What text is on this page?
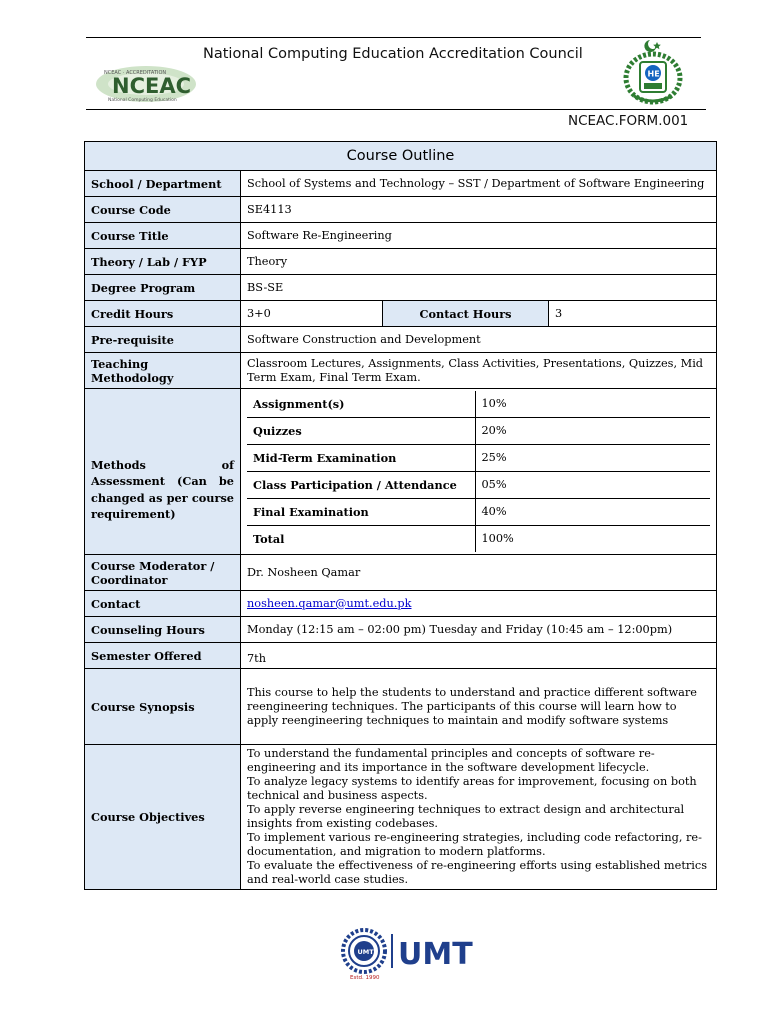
NCEAC · ACCREDITATION
NCEAC
National Computing Education
National Computing Education Accreditation Council
HE
NCEAC.FORM.001
Course Outline
School / Department	School of Systems and Technology – SST / Department of Software Engineering
Course Code	SE4113
Course Title	Software Re-Engineering
Theory / Lab / FYP	Theory
Degree Program	BS-SE
Credit Hours	3+0	Contact Hours	3
Pre-requisite	Software Construction and Development
Teaching Methodology	Classroom Lectures, Assignments, Class Activities, Presentations, Quizzes, Mid Term Exam, Final Term Exam.
Methods of Assessment (Can be changed as per course requirement)	
Assignment(s)	10%
Quizzes	20%
Mid-Term Examination	25%
Class Participation / Attendance	05%
Final Examination	40%
Total	100%

Course Moderator / Coordinator	Dr. Nosheen Qamar
Contact	nosheen.qamar@umt.edu.pk
Counseling Hours	Monday (12:15 am – 02:00 pm) Tuesday and Friday (10:45 am – 12:00pm)
Semester Offered	7th
Course Synopsis	This course to help the students to understand and practice different software reengineering techniques. The participants of this course will learn how to apply reengineering techniques to maintain and modify software systems
Course Objectives	
To understand the fundamental principles and concepts of software re-engineering and its importance in the software development lifecycle.
To analyze legacy systems to identify areas for improvement, focusing on both technical and business aspects.
To apply reverse engineering techniques to extract design and architectural insights from existing codebases.
To implement various re-engineering strategies, including code refactoring, re-documentation, and migration to modern platforms.
To evaluate the effectiveness of re-engineering efforts using established metrics and real-world case studies.
UMT
Estd. 1990
UMT
